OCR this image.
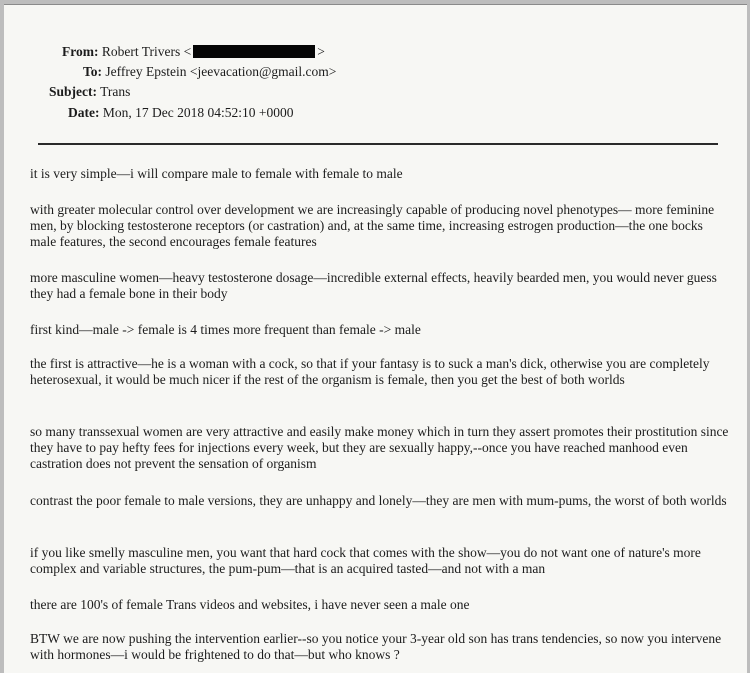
From: Robert Trivers <	>
To: Jeffrey Epstein <jeevacation@gmail.com>
Subject: Trans
Date: Mon, 17 Dec 2018 04:52:10 +0000

it is very simple—i will compare male to female with female to male

with greater molecular control over development we are increasingly capable of producing novel phenotypes— more feminine men, by blocking testosterone receptors (or castration) and, at the same time, increasing estrogen production—the one bocks male features, the second encourages female features

more masculine women—heavy testosterone dosage—incredible external effects, heavily bearded men, you would never guess they had a female bone in their body

first kind—male -> female is 4 times more frequent than female -> male

the first is attractive—he is a woman with a cock, so that if your fantasy is to suck a man's dick, otherwise you are completely heterosexual, it would be much nicer if the rest of the organism is female, then you get the best of both worlds

so many transsexual women are very attractive and easily make money which in turn they assert promotes their prostitution since they have to pay hefty fees for injections every week, but they are sexually happy,--once you have reached manhood even castration does not prevent the sensation of organism

contrast the poor female to male versions, they are unhappy and lonely—they are men with mum-pums, the worst of both worlds

if you like smelly masculine men, you want that hard cock that comes with the show—you do not want one of nature's more complex and variable structures, the pum-pum—that is an acquired tasted—and not with a man

there are 100's of female Trans videos and websites, i have never seen a male one

BTW we are now pushing the intervention earlier--so you notice your 3-year old son has trans tendencies, so now you intervene with hormones—i would be frightened to do that—but who knows ?
